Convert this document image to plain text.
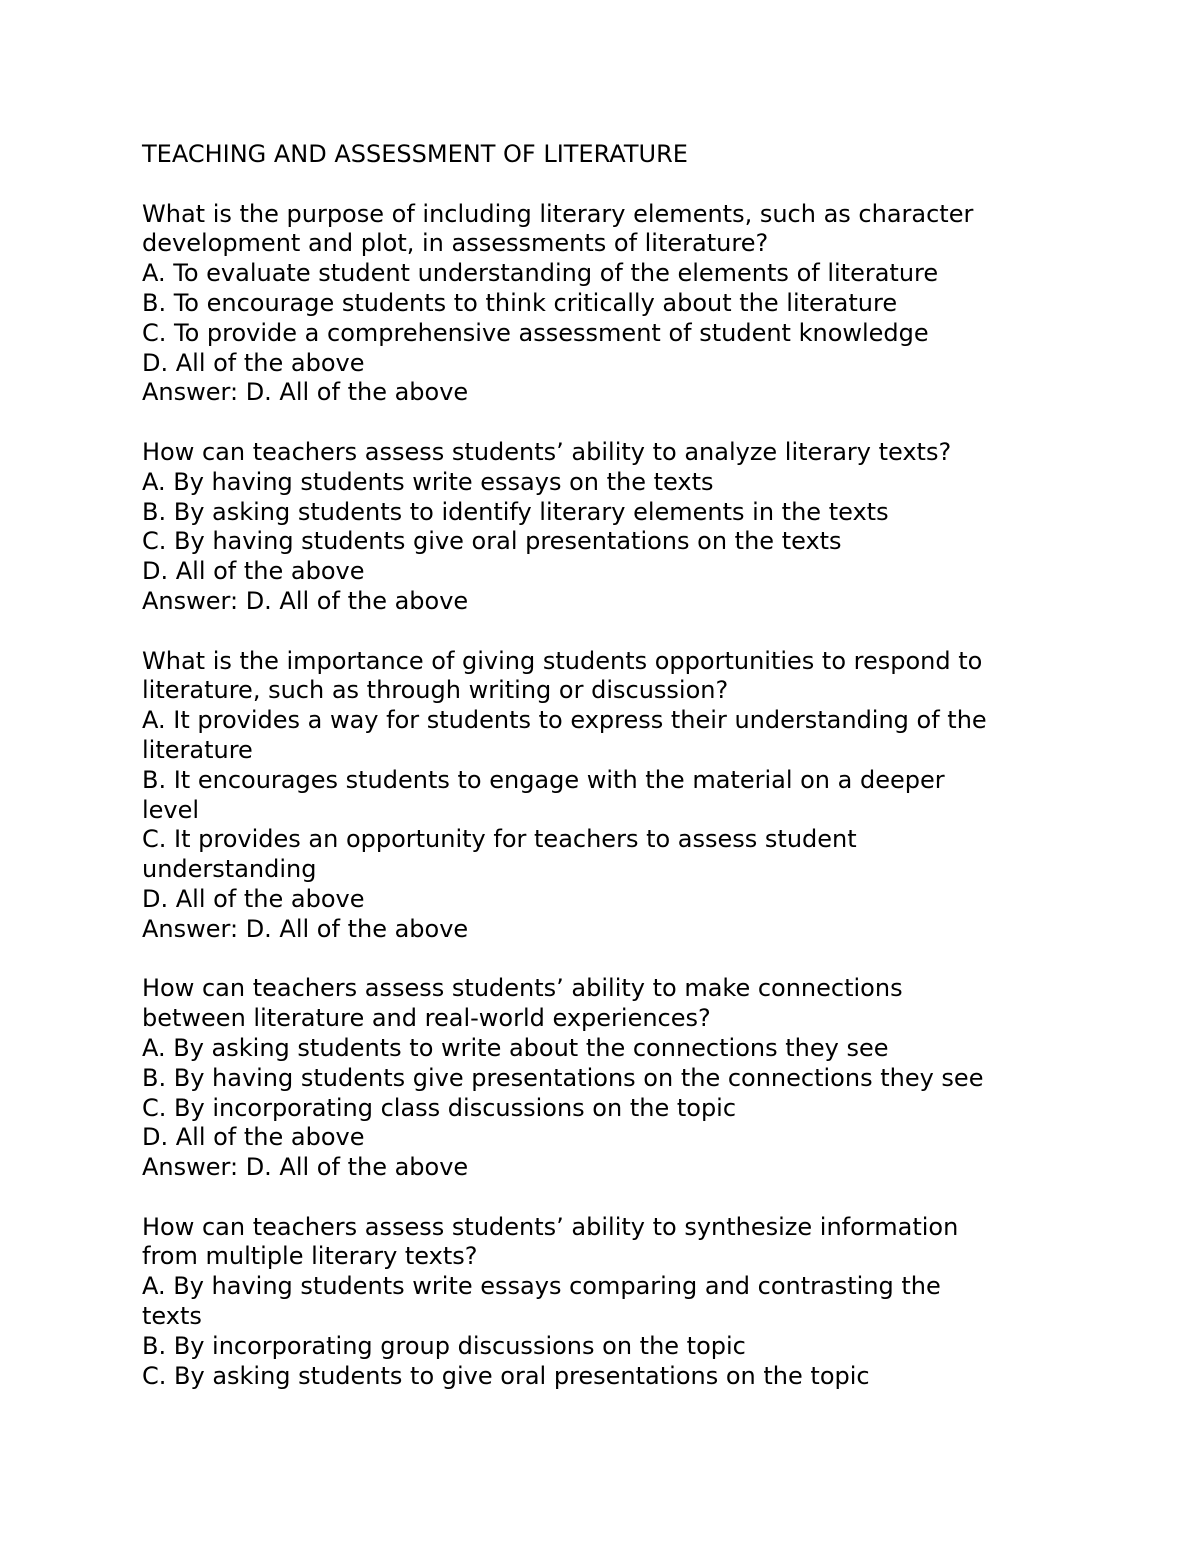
TEACHING AND ASSESSMENT OF LITERATURE
What is the purpose of including literary elements, such as character
development and plot, in assessments of literature?
A. To evaluate student understanding of the elements of literature
B. To encourage students to think critically about the literature
C. To provide a comprehensive assessment of student knowledge
D. All of the above
Answer: D. All of the above
How can teachers assess students’ ability to analyze literary texts?
A. By having students write essays on the texts
B. By asking students to identify literary elements in the texts
C. By having students give oral presentations on the texts
D. All of the above
Answer: D. All of the above
What is the importance of giving students opportunities to respond to
literature, such as through writing or discussion?
A. It provides a way for students to express their understanding of the
literature
B. It encourages students to engage with the material on a deeper
level
C. It provides an opportunity for teachers to assess student
understanding
D. All of the above
Answer: D. All of the above
How can teachers assess students’ ability to make connections
between literature and real-world experiences?
A. By asking students to write about the connections they see
B. By having students give presentations on the connections they see
C. By incorporating class discussions on the topic
D. All of the above
Answer: D. All of the above
How can teachers assess students’ ability to synthesize information
from multiple literary texts?
A. By having students write essays comparing and contrasting the
texts
B. By incorporating group discussions on the topic
C. By asking students to give oral presentations on the topic
